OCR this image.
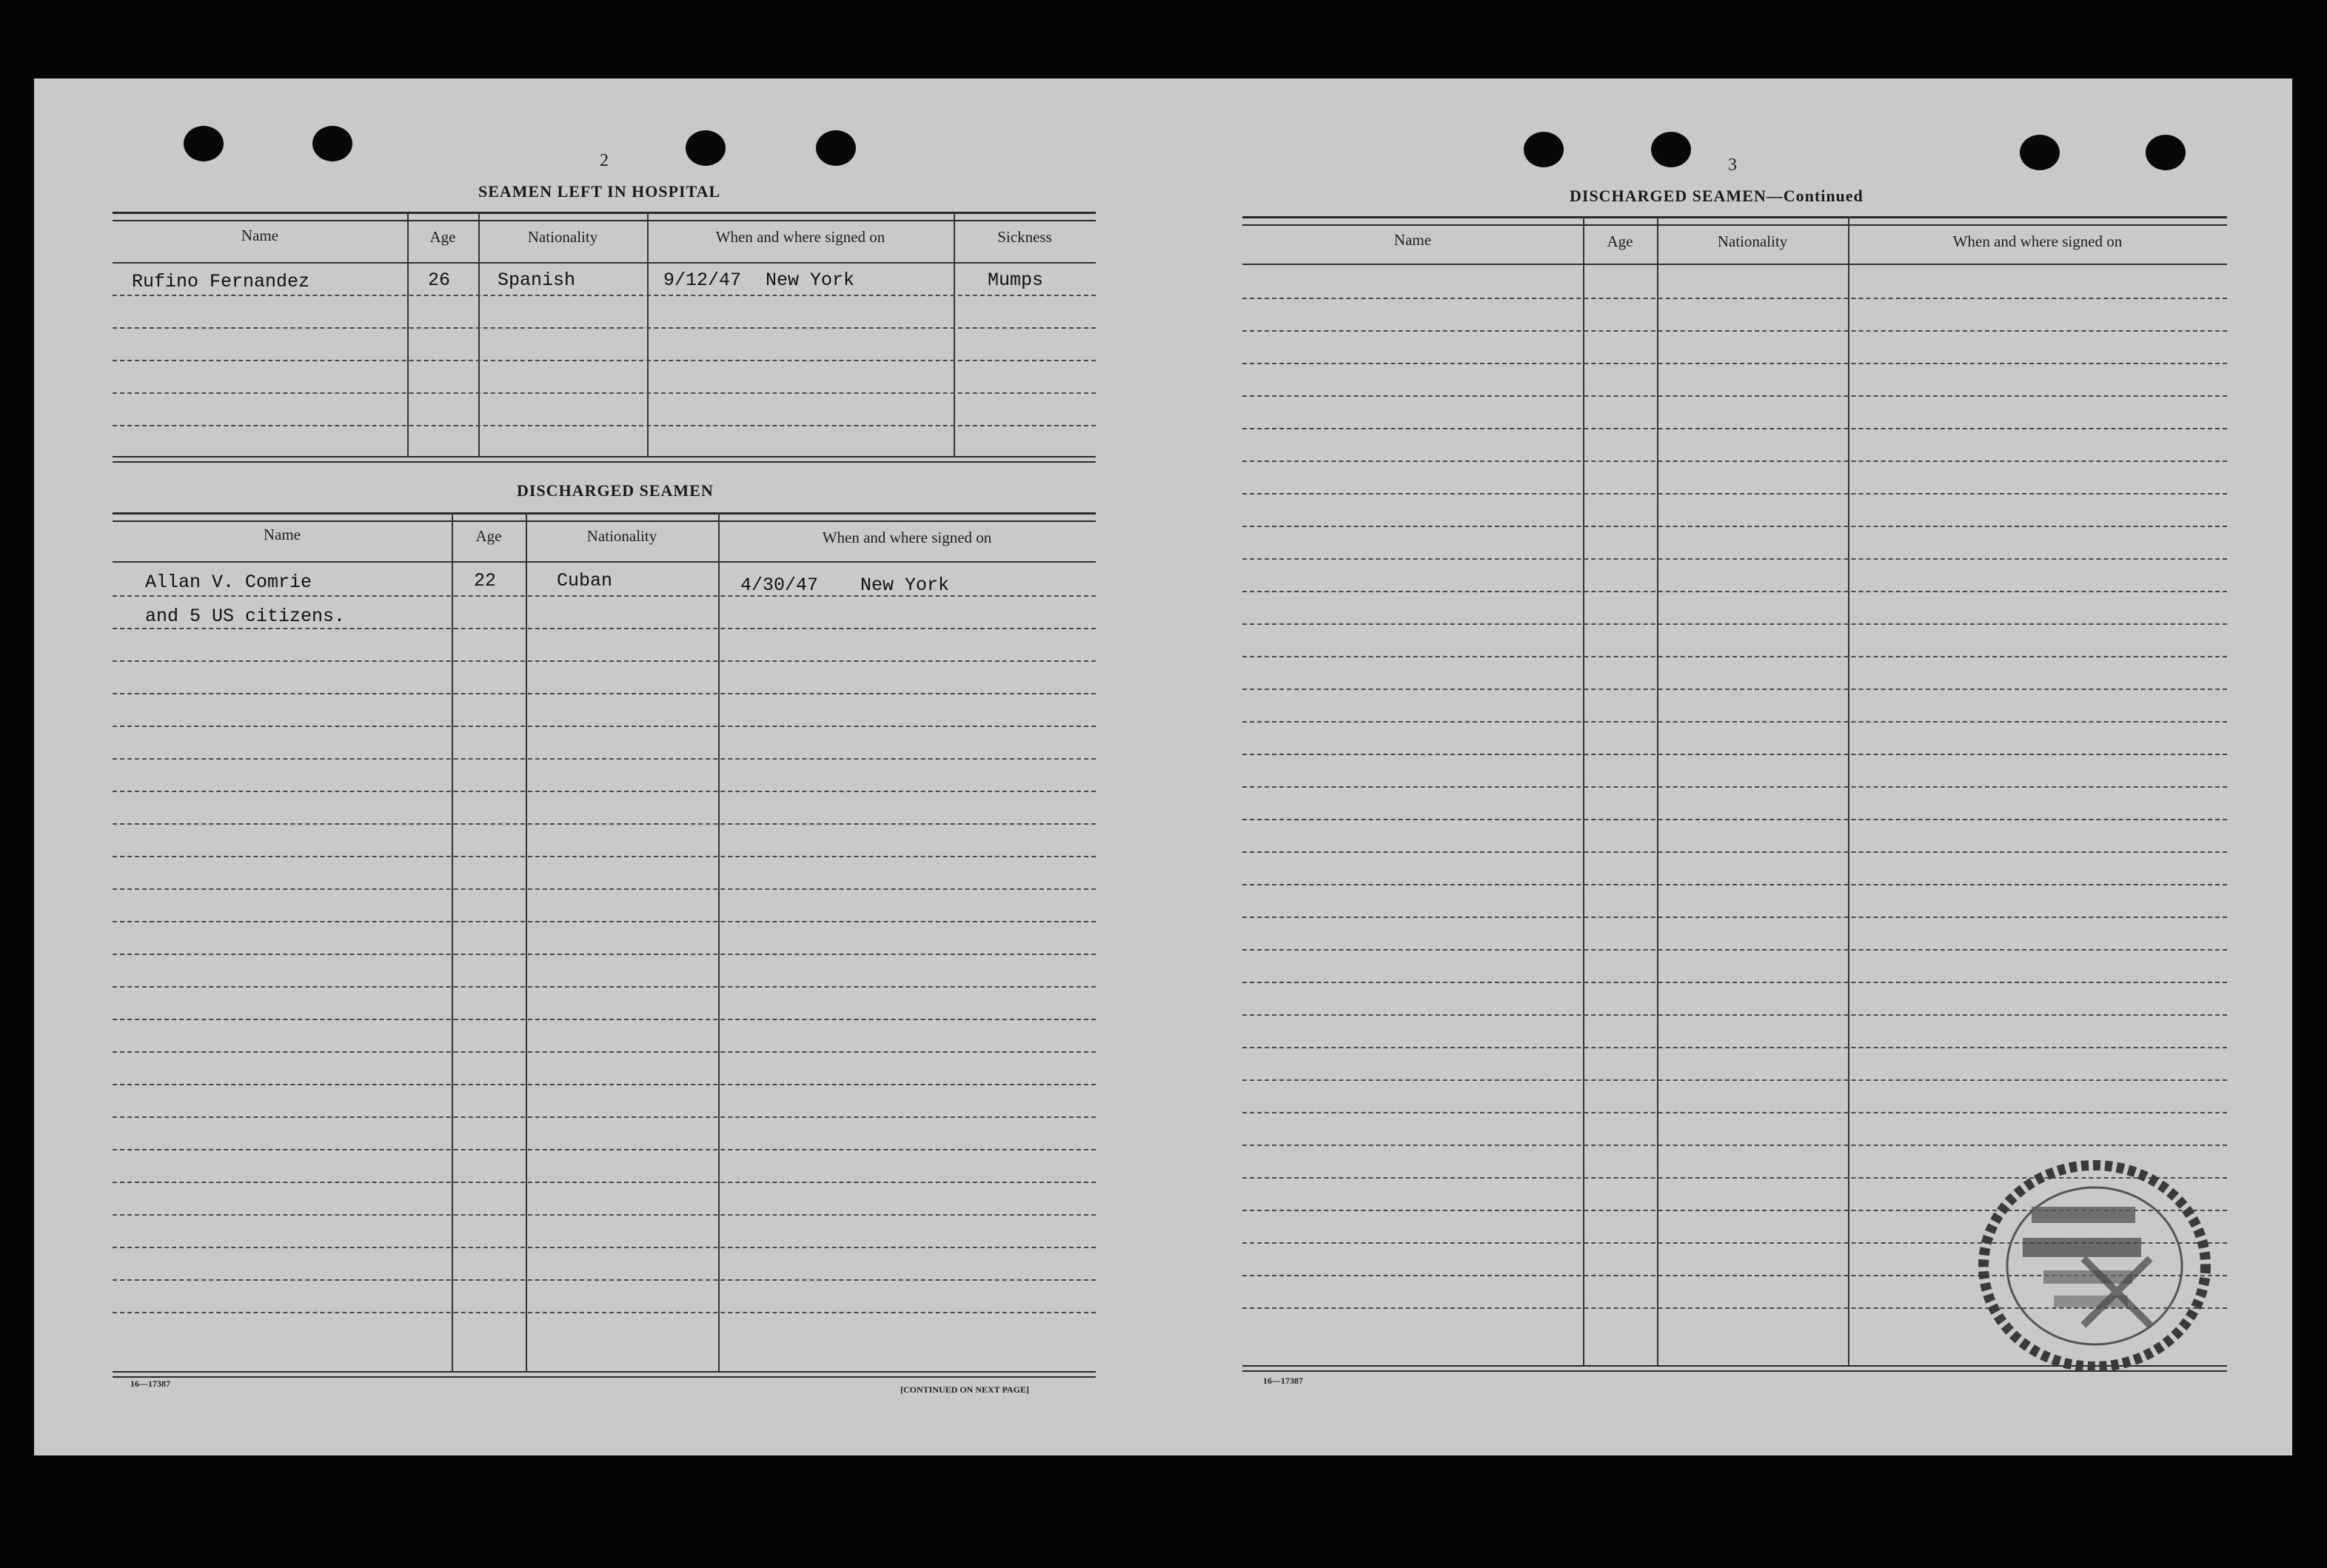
2
SEAMEN LEFT IN HOSPITAL
Name	Age	Nationality	When and where signed on	Sickness
Rufino Fernandez	26	Spanish	9/12/47 New York	Mumps
DISCHARGED SEAMEN
Name	Age	Nationality	When and where signed on
Allan V. Comrie	22	Cuban	4/30/47 New York
and 5 US citizens.
16—17387
[CONTINUED ON NEXT PAGE]
3
DISCHARGED SEAMEN—Continued
Name	Age	Nationality	When and where signed on
16—17387
